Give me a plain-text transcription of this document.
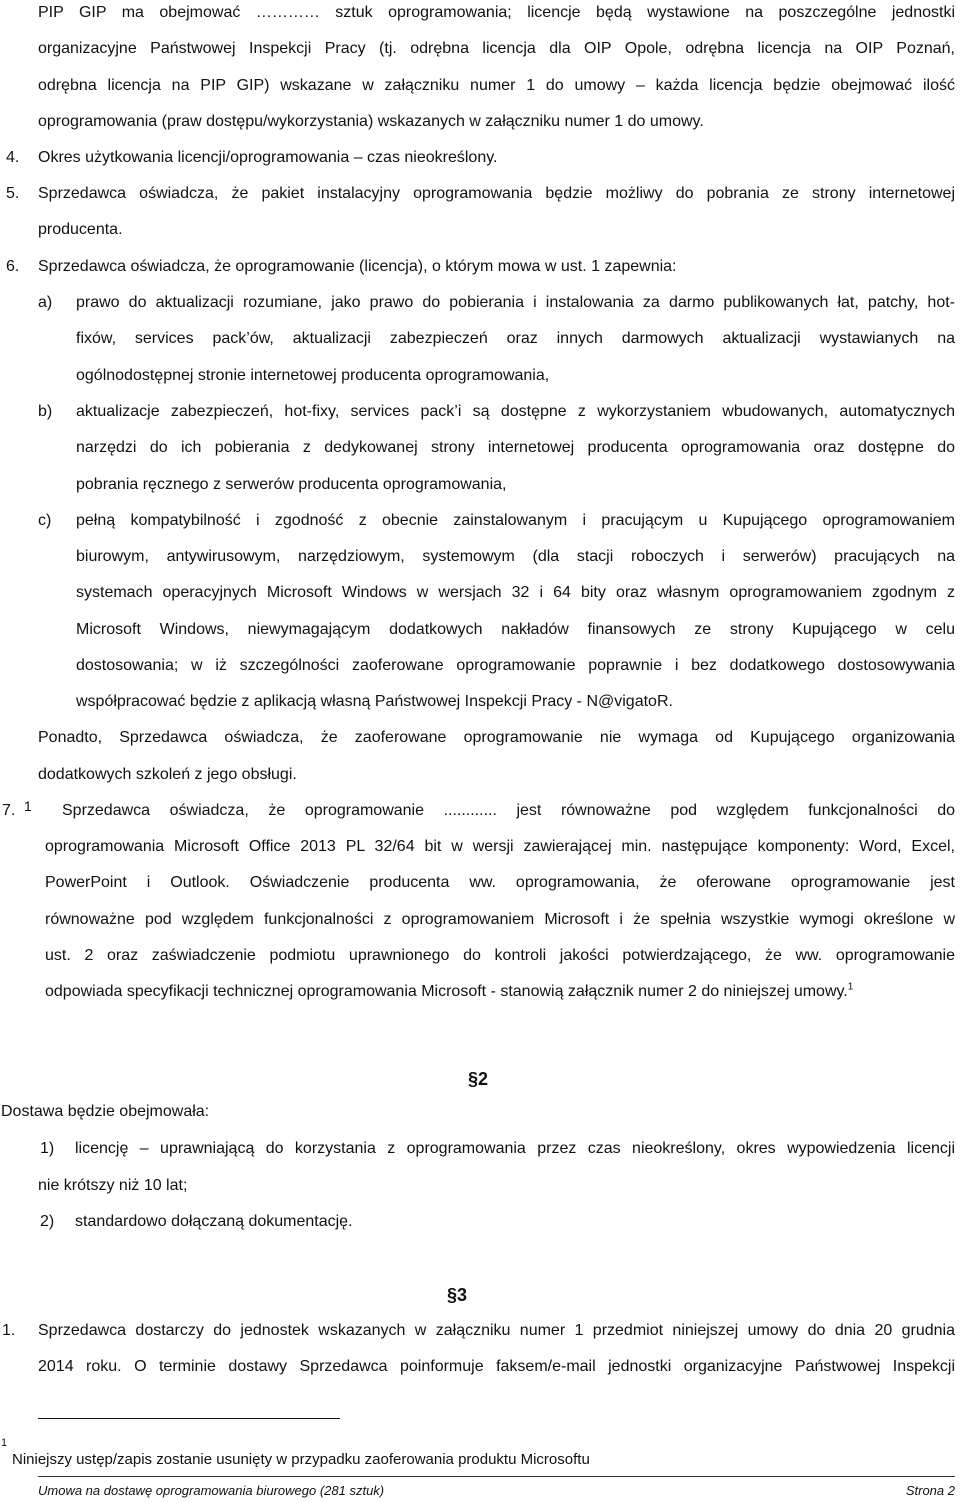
PIP GIP ma obejmować ………… sztuk oprogramowania; licencje będą wystawione na poszczególne jednostki
organizacyjne Państwowej Inspekcji Pracy (tj. odrębna licencja dla OIP Opole, odrębna licencja na OIP Poznań,
odrębna licencja na PIP GIP) wskazane w załączniku numer 1 do umowy – każda licencja będzie obejmować ilość
oprogramowania (praw dostępu/wykorzystania) wskazanych w załączniku numer 1 do umowy.
4. Okres użytkowania licencji/oprogramowania – czas nieokreślony.
5. Sprzedawca oświadcza, że pakiet instalacyjny oprogramowania będzie możliwy do pobrania ze strony internetowej
producenta.
6. Sprzedawca oświadcza, że oprogramowanie (licencja), o którym mowa w ust. 1 zapewnia:
a) prawo do aktualizacji rozumiane, jako prawo do pobierania i instalowania za darmo publikowanych łat, patchy, hot-
fixów, services pack’ów, aktualizacji zabezpieczeń oraz innych darmowych aktualizacji wystawianych na
ogólnodostępnej stronie internetowej producenta oprogramowania,
b) aktualizacje zabezpieczeń, hot-fixy, services pack’i są dostępne z wykorzystaniem wbudowanych, automatycznych
narzędzi do ich pobierania z dedykowanej strony internetowej producenta oprogramowania oraz dostępne do
pobrania ręcznego z serwerów producenta oprogramowania,
c) pełną kompatybilność i zgodność z obecnie zainstalowanym i pracującym u Kupującego oprogramowaniem
biurowym, antywirusowym, narzędziowym, systemowym (dla stacji roboczych i serwerów) pracujących na
systemach operacyjnych Microsoft Windows w wersjach 32 i 64 bity oraz własnym oprogramowaniem zgodnym z
Microsoft Windows, niewymagającym dodatkowych nakładów finansowych ze strony Kupującego w celu
dostosowania; w iż szczególności zaoferowane oprogramowanie poprawnie i bez dodatkowego dostosowywania
współpracować będzie z aplikacją własną Państwowej Inspekcji Pracy - N@vigatoR.
Ponadto, Sprzedawca oświadcza, że zaoferowane oprogramowanie nie wymaga od Kupującego organizowania
dodatkowych szkoleń z jego obsługi.
7. 1 Sprzedawca oświadcza, że oprogramowanie ............ jest równoważne pod względem funkcjonalności do
oprogramowania Microsoft Office 2013 PL 32/64 bit w wersji zawierającej min. następujące komponenty: Word, Excel,
PowerPoint i Outlook. Oświadczenie producenta ww. oprogramowania, że oferowane oprogramowanie jest
równoważne pod względem funkcjonalności z oprogramowaniem Microsoft i że spełnia wszystkie wymogi określone w
ust. 2 oraz zaświadczenie podmiotu uprawnionego do kontroli jakości potwierdzającego, że ww. oprogramowanie
odpowiada specyfikacji technicznej oprogramowania Microsoft - stanowią załącznik numer 2 do niniejszej umowy.$^1$
§2
Dostawa będzie obejmowała:
1) licencję – uprawniającą do korzystania z oprogramowania przez czas nieokreślony, okres wypowiedzenia licencji
nie krótszy niż 10 lat;
2) standardowo dołączaną dokumentację.
§3
1. Sprzedawca dostarczy do jednostek wskazanych w załączniku numer 1 przedmiot niniejszej umowy do dnia 20 grudnia
2014 roku. O terminie dostawy Sprzedawca poinformuje faksem/e-mail jednostki organizacyjne Państwowej Inspekcji
1
Niniejszy ustęp/zapis zostanie usunięty w przypadku zaoferowania produktu Microsoftu
Umowa na dostawę oprogramowania biurowego (281 sztuk)	Strona 2
